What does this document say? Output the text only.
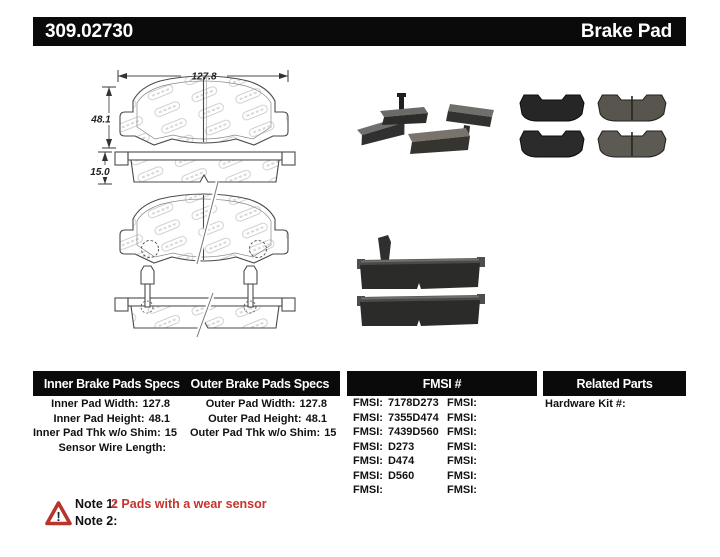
309.02730	Brake Pad
127.8
48.1
15.0
Inner Brake Pads Specs Outer Brake Pads Specs	FMSI #	Related Parts
Inner Pad Width: 127.8
Inner Pad Height: 48.1
Inner Pad Thk w/o Shim: 15
Sensor Wire Length:
Outer Pad Width: 127.8
Outer Pad Height: 48.1
Outer Pad Thk w/o Shim: 15
FMSI: 7178D273 FMSI:
FMSI: 7355D474 FMSI:
FMSI: 7439D560 FMSI:
FMSI: D273	FMSI:
FMSI: D474	FMSI:
FMSI: D560	FMSI:
FMSI:	FMSI:
Hardware Kit #:
!
Note 1:
2 Pads with a wear sensor
Note 2:
